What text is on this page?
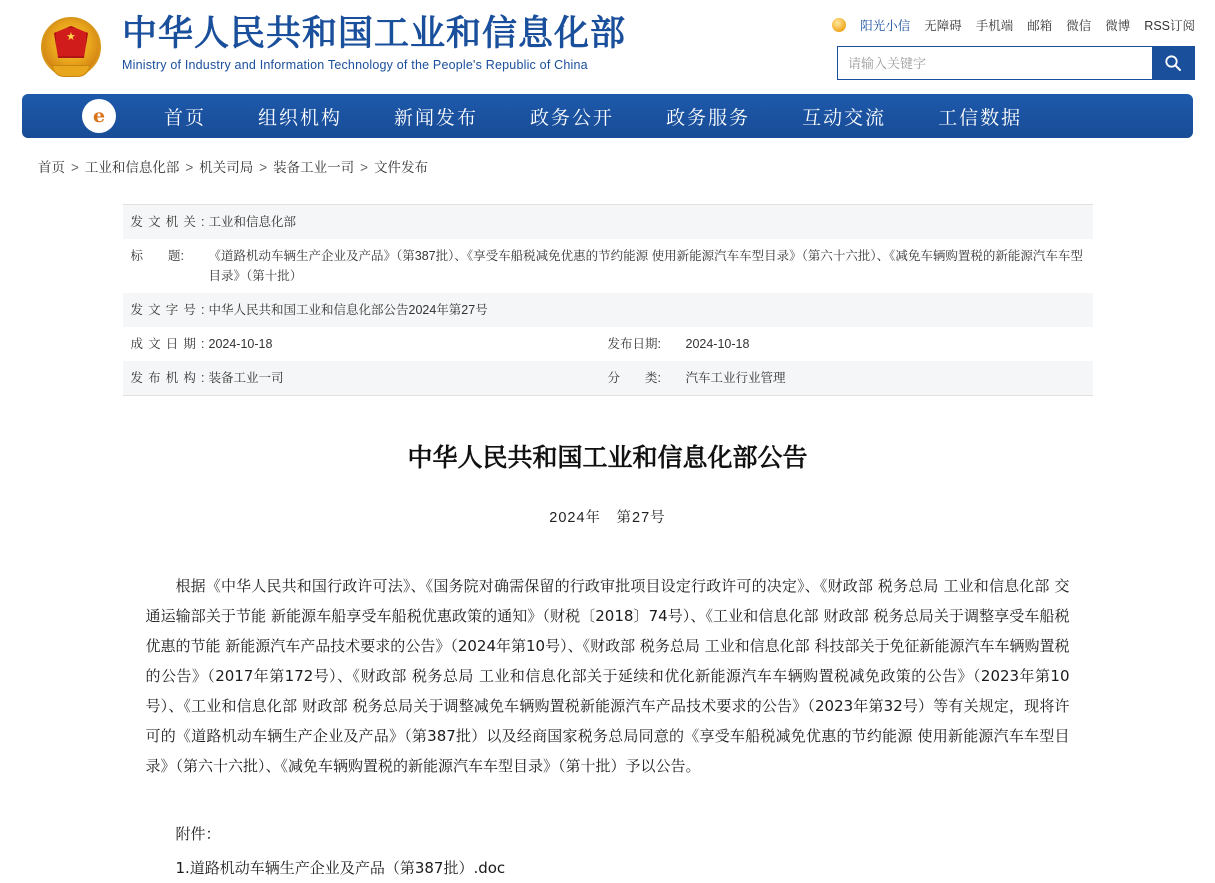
★ 中华人民共和国工业和信息化部
Ministry of Industry and Information Technology of the People's Republic of China
阳光小信 无障碍 手机端 邮箱 微信 微博 RSS订阅
请输入关键字
e	首页	组织机构	新闻发布	政务公开	政务服务	互动交流	工信数据
首页 > 工业和信息化部 > 机关司局 > 装备工业一司 > 文件发布
发文机关: 工业和信息化部
标　　题:	《道路机动车辆生产企业及产品》（第387批）、《享受车船税减免优惠的节约能源 使用新能源汽车车型目录》（第六十六批）、《减免车辆购置税的新能源汽车车型目录》（第十批）
发文字号: 中华人民共和国工业和信息化部公告2024年第27号
成文日期: 2024-10-18	发布日期:	2024-10-18
发布机构: 装备工业一司	分　　类:	汽车工业行业管理
中华人民共和国工业和信息化部公告
2024年　第27号

根据《中华人民共和国行政许可法》、《国务院对确需保留的行政审批项目设定行政许可的决定》、《财政部 税务总局 工业和信息化部 交通运输部关于节能 新能源车船享受车船税优惠政策的通知》（财税〔2018〕74号）、《工业和信息化部 财政部 税务总局关于调整享受车船税优惠的节能 新能源汽车产品技术要求的公告》（2024年第10号）、《财政部 税务总局 工业和信息化部 科技部关于免征新能源汽车车辆购置税的公告》（2017年第172号）、《财政部 税务总局 工业和信息化部关于延续和优化新能源汽车车辆购置税减免政策的公告》（2023年第10号）、《工业和信息化部 财政部 税务总局关于调整减免车辆购置税新能源汽车产品技术要求的公告》（2023年第32号）等有关规定，现将许可的《道路机动车辆生产企业及产品》（第387批）以及经商国家税务总局同意的《享受车船税减免优惠的节约能源 使用新能源汽车车型目录》（第六十六批）、《减免车辆购置税的新能源汽车车型目录》（第十批）予以公告。

附件：
1.道路机动车辆生产企业及产品（第387批）.doc
